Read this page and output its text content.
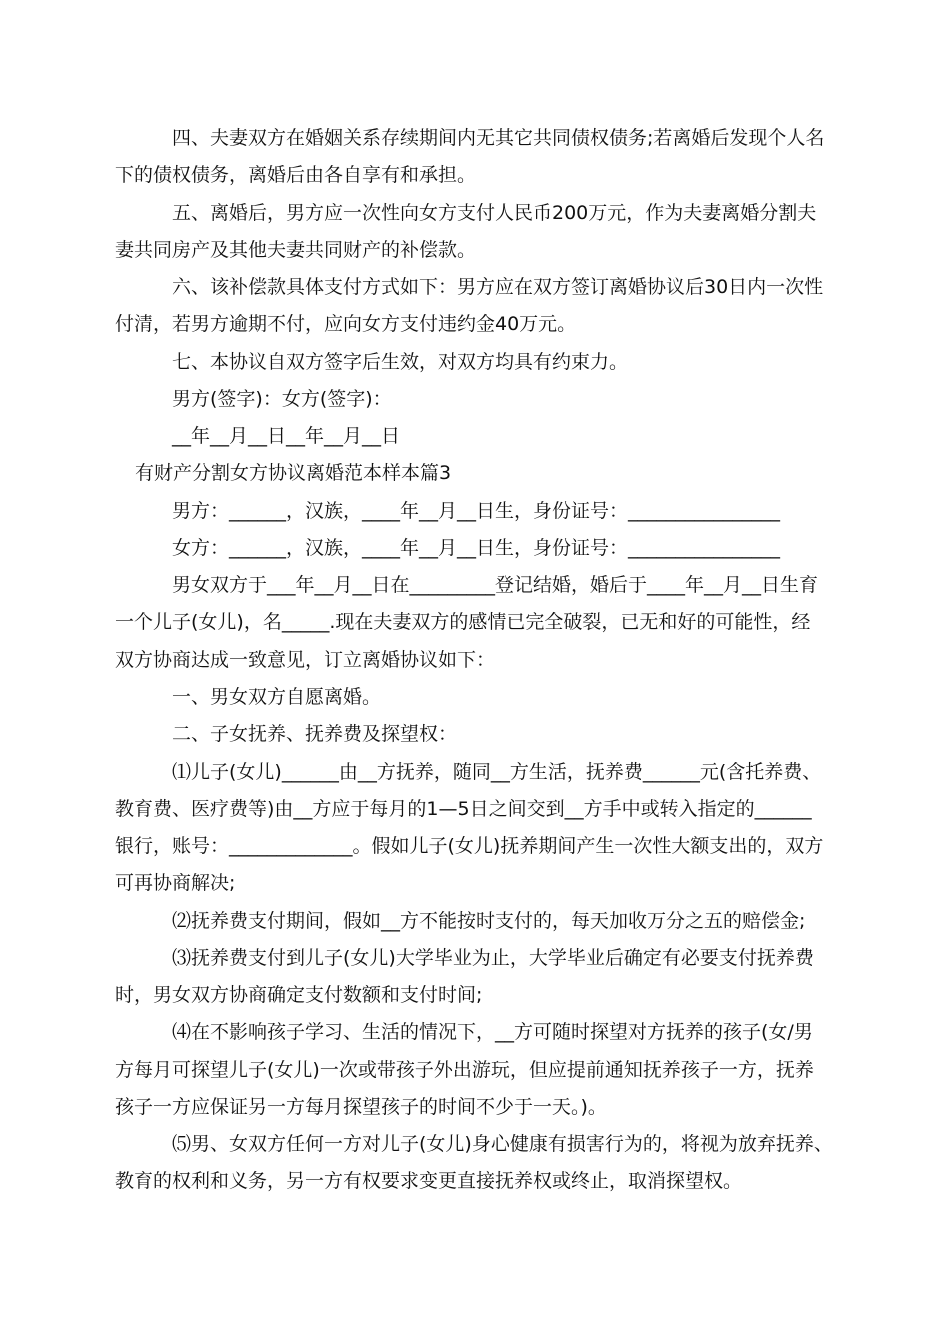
四、夫妻双方在婚姻关系存续期间内无其它共同债权债务;若离婚后发现个人名
下的债权债务，离婚后由各自享有和承担。
五、离婚后，男方应一次性向女方支付人民币200万元，作为夫妻离婚分割夫
妻共同房产及其他夫妻共同财产的补偿款。
六、该补偿款具体支付方式如下：男方应在双方签订离婚协议后30日内一次性
付清，若男方逾期不付，应向女方支付违约金40万元。
七、本协议自双方签字后生效，对双方均具有约束力。
男方(签字)：女方(签字)：
__年__月__日__年__月__日
有财产分割女方协议离婚范本样本篇3
男方：______，汉族，____年__月__日生，身份证号：________________
女方：______，汉族，____年__月__日生，身份证号：________________
男女双方于___年__月__日在_________登记结婚，婚后于____年__月__日生育
一个儿子(女儿)，名_____.现在夫妻双方的感情已完全破裂，已无和好的可能性，经
双方协商达成一致意见，订立离婚协议如下：
一、男女双方自愿离婚。
二、子女抚养、抚养费及探望权：
⑴儿子(女儿)______由__方抚养，随同__方生活，抚养费______元(含托养费、
教育费、医疗费等)由__方应于每月的1—5日之间交到__方手中或转入指定的______
银行，账号：_____________。假如儿子(女儿)抚养期间产生一次性大额支出的，双方
可再协商解决;
⑵抚养费支付期间，假如__方不能按时支付的，每天加收万分之五的赔偿金;
⑶抚养费支付到儿子(女儿)大学毕业为止，大学毕业后确定有必要支付抚养费
时，男女双方协商确定支付数额和支付时间;
⑷在不影响孩子学习、生活的情况下，__方可随时探望对方抚养的孩子(女/男
方每月可探望儿子(女儿)一次或带孩子外出游玩，但应提前通知抚养孩子一方，抚养
孩子一方应保证另一方每月探望孩子的时间不少于一天。)。
⑸男、女双方任何一方对儿子(女儿)身心健康有损害行为的，将视为放弃抚养、
教育的权利和义务，另一方有权要求变更直接抚养权或终止，取消探望权。
